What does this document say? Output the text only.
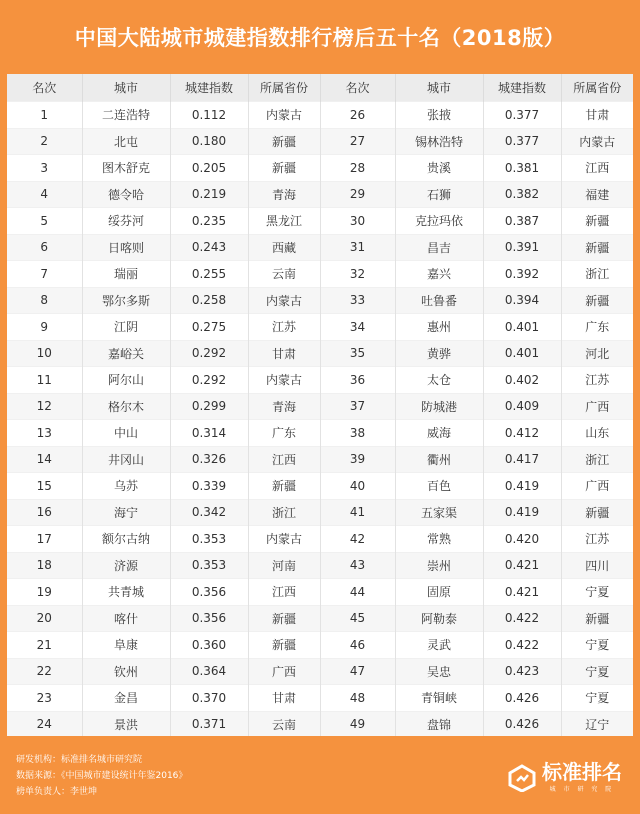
中国大陆城市城建指数排行榜后五十名（2018版）
名次	城市	城建指数	所属省份	名次	城市	城建指数	所属省份
1	二连浩特	0.112	内蒙古	26	张掖	0.377	甘肃
2	北屯	0.180	新疆	27	锡林浩特	0.377	内蒙古
3	图木舒克	0.205	新疆	28	贵溪	0.381	江西
4	德令哈	0.219	青海	29	石狮	0.382	福建
5	绥芬河	0.235	黑龙江	30	克拉玛依	0.387	新疆
6	日喀则	0.243	西藏	31	昌吉	0.391	新疆
7	瑞丽	0.255	云南	32	嘉兴	0.392	浙江
8	鄂尔多斯	0.258	内蒙古	33	吐鲁番	0.394	新疆
9	江阴	0.275	江苏	34	惠州	0.401	广东
10	嘉峪关	0.292	甘肃	35	黄骅	0.401	河北
11	阿尔山	0.292	内蒙古	36	太仓	0.402	江苏
12	格尔木	0.299	青海	37	防城港	0.409	广西
13	中山	0.314	广东	38	威海	0.412	山东
14	井冈山	0.326	江西	39	衢州	0.417	浙江
15	乌苏	0.339	新疆	40	百色	0.419	广西
16	海宁	0.342	浙江	41	五家渠	0.419	新疆
17	额尔古纳	0.353	内蒙古	42	常熟	0.420	江苏
18	济源	0.353	河南	43	崇州	0.421	四川
19	共青城	0.356	江西	44	固原	0.421	宁夏
20	喀什	0.356	新疆	45	阿勒泰	0.422	新疆
21	阜康	0.360	新疆	46	灵武	0.422	宁夏
22	钦州	0.364	广西	47	吴忠	0.423	宁夏
23	金昌	0.370	甘肃	48	青铜峡	0.426	宁夏
24	景洪	0.371	云南	49	盘锦	0.426	辽宁

研发机构：标准排名城市研究院
数据来源：《中国城市建设统计年鉴2016》
榜单负责人：李世坤
标准排名
城 市 研 究 院
